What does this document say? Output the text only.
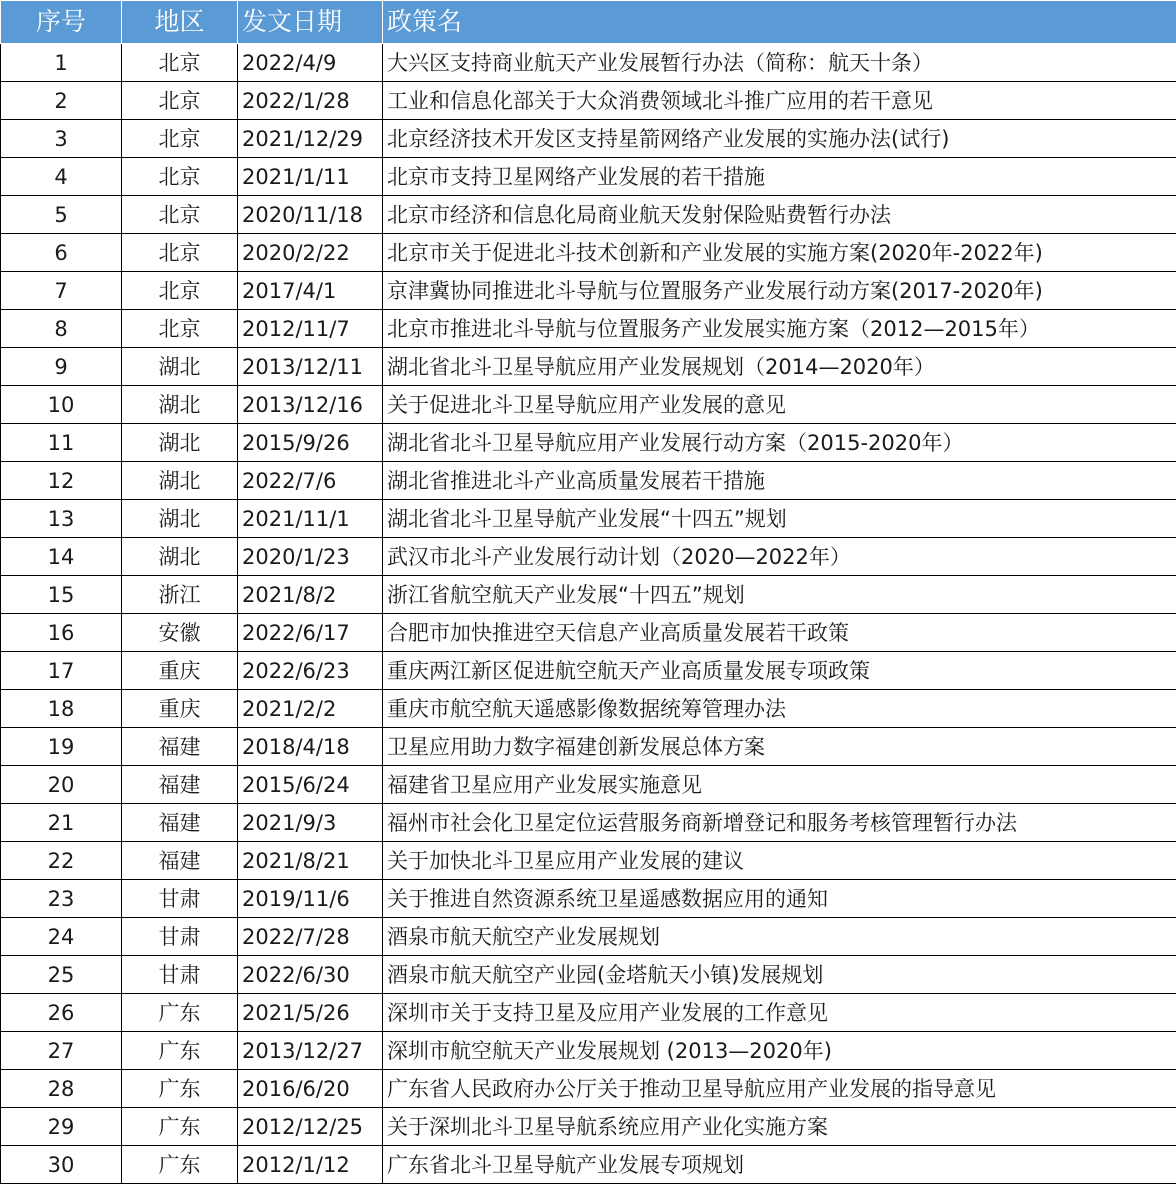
序号	地区	发文日期	政策名
1	北京	2022/4/9	大兴区支持商业航天产业发展暂行办法（简称：航天十条）
2	北京	2022/1/28	工业和信息化部关于大众消费领域北斗推广应用的若干意见
3	北京	2021/12/29	北京经济技术开发区支持星箭网络产业发展的实施办法(试行)
4	北京	2021/1/11	北京市支持卫星网络产业发展的若干措施
5	北京	2020/11/18	北京市经济和信息化局商业航天发射保险贴费暂行办法
6	北京	2020/2/22	北京市关于促进北斗技术创新和产业发展的实施方案(2020年-2022年)
7	北京	2017/4/1	京津冀协同推进北斗导航与位置服务产业发展行动方案(2017-2020年)
8	北京	2012/11/7	北京市推进北斗导航与位置服务产业发展实施方案（2012—2015年）
9	湖北	2013/12/11	湖北省北斗卫星导航应用产业发展规划（2014—2020年）
10	湖北	2013/12/16	关于促进北斗卫星导航应用产业发展的意见
11	湖北	2015/9/26	湖北省北斗卫星导航应用产业发展行动方案（2015-2020年）
12	湖北	2022/7/6	湖北省推进北斗产业高质量发展若干措施
13	湖北	2021/11/1	湖北省北斗卫星导航产业发展“十四五”规划
14	湖北	2020/1/23	武汉市北斗产业发展行动计划（2020—2022年）
15	浙江	2021/8/2	浙江省航空航天产业发展“十四五”规划
16	安徽	2022/6/17	合肥市加快推进空天信息产业高质量发展若干政策
17	重庆	2022/6/23	重庆两江新区促进航空航天产业高质量发展专项政策
18	重庆	2021/2/2	重庆市航空航天遥感影像数据统筹管理办法
19	福建	2018/4/18	卫星应用助力数字福建创新发展总体方案
20	福建	2015/6/24	福建省卫星应用产业发展实施意见
21	福建	2021/9/3	福州市社会化卫星定位运营服务商新增登记和服务考核管理暂行办法
22	福建	2021/8/21	关于加快北斗卫星应用产业发展的建议
23	甘肃	2019/11/6	关于推进自然资源系统卫星遥感数据应用的通知
24	甘肃	2022/7/28	酒泉市航天航空产业发展规划
25	甘肃	2022/6/30	酒泉市航天航空产业园(金塔航天小镇)发展规划
26	广东	2021/5/26	深圳市关于支持卫星及应用产业发展的工作意见
27	广东	2013/12/27	深圳市航空航天产业发展规划 (2013—2020年)
28	广东	2016/6/20	广东省人民政府办公厅关于推动卫星导航应用产业发展的指导意见
29	广东	2012/12/25	关于深圳北斗卫星导航系统应用产业化实施方案
30	广东	2012/1/12	广东省北斗卫星导航产业发展专项规划
